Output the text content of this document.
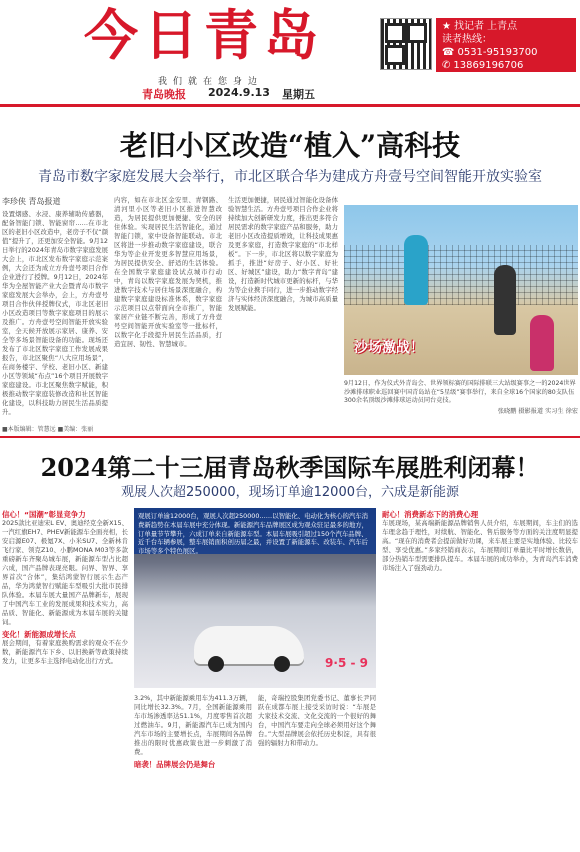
今日青岛
我们就在您身边
青岛晚报 2024.9.13 星期五
★ 找记者 上青点
读者热线：
☎ 0531-95193700
✆ 13869196706
老旧小区改造“植入”高科技
青岛市数字家庭发展大会举行，市北区联合华为建成方舟壹号空间智能开放实验室
李珍侠 青岛报道
设置烟感、水浸、康养辅助传感器，配备智能门锁、智能窗帘……在市北区的老旧小区改造中，老房子不仅“颜值”提升了，还更加安全智能。9月12日举行的2024年青岛市数字家庭发展大会上，市北区发布数字家庭示范案例，大会还为成立方舟壹号项目合作企业进行了授牌。9月12日，2024年华为全屋智能产业大会暨青岛市数字家庭发展大会举办，会上，方舟壹号项目合作伙伴授牌仪式，市北区老旧小区改造项目等数字家庭项目的展示及推广。方舟壹号空间智能开放实验室，全天候开放展示家居、康养、安全等多场景智能设备的功能。现场还发布了市北区数字家庭工作发展成果报告，市北区聚焦“八大应用场景”，在商务楼宇、学校、老旧小区、新建小区等领域“布点”16个项目开展数字家庭建设。市北区聚焦数字赋能，积极推动数字家庭装修改造和社区智能化建设，以科技助力居民生活品质提升。
内容，如在市北区金安里、青钢路、清河里小区等老旧小区推进智慧改造，为居民提供更加便捷、安全的居住体验。实现居民生活智能化，通过智能门锁，家中设备智能联动。市北区将进一步推动数字家庭建设，联合华为等企业开发更多智慧应用场景，为居民提供安全、舒适的生活体验。在全国数字家庭建设试点城市行动中，青岛以数字家庭发展为契机，推进数字技术与居住场景深度融合，构建数字家庭建设标准体系，数字家庭示范项目以点带面向全市推广，智能家居产业链不断完善，形成了方舟壹号空间智能开放实验室等一批标杆，以数字化手段提升居民生活品质，打造宜居、韧性、智慧城市。
生活更加便捷，居民通过智能化设备体验智慧生活。方舟壹号项目合作企业将持续加大创新研发力度，推出更多符合居民需求的数字家庭产品和服务，助力老旧小区改造提质增效，让科技成果惠及更多家庭，打造数字家庭的“市北样板”。下一步，市北区将以数字家庭为抓手，推进“好房子、好小区、好社区、好城区”建设，助力“数字青岛”建设，打造新时代城市更新的标杆，与华为等企业携手同行，进一步推动数字经济与实体经济深度融合，为城市高质量发展赋能。
沙场激战！
9月12日，作为仪式外青岛会、世界领标赛的国际排联三大站级赛事之一的2024世界沙滩排球职业巡回赛中国青岛站在“5星级”赛事举行，来自全球16个国家的80支队伍300余名顶级沙滩排球运动员同台竞技。
张晓鹏 摄影报道 实习生 徐宏
■本版编辑：管慧远 ■美编：张丽
2024第二十三届青岛秋季国际车展胜利闭幕！
观展人次超250000，现场订单逾12000台，六成是新能源
信心！“国潮”彰显竞争力
2025款比亚迪宋L EV、奥迪经克全新X15、一汽红旗EH7、PHEV新能源车全面亮相，长安启源E07、极氪7X、小米SU7、全新林肯飞行家、领克Z10、小鹏MONA M03等多款重磅新车齐聚岛城车展，新能源车型占比超六成，国产品牌表现亮眼。问界、智界、享界首次“合体”，集结鸿蒙智行展示生态产品，华为鸿蒙智行赋能车型吸引大批市民排队体验。本届车展大量国产品牌新车，展现了中国汽车工业的发展成果和技术实力，高品质、智能化、新能源成为本届车展的关键词。
变化！新能源成增长点
展会期间，有着家庭换购需求的观众不在少数，新能源汽车下乡、以旧换新等政策持续发力，让更多车主选择电动化出行方式。
观展订单逾12000台，观展人次超250000……以智能化、电动化为核心的汽车消费新趋势在本届车展中充分体现。新能源汽车品牌展区成为观众驻足最多的地方，订单量节节攀升，六成订单来自新能源车型。本届车展吸引超过150个汽车品牌、近千台车辆参展，整车展销面积创历届之最，并设置了新能源车、改装车、汽车后市场等多个特色展区。
9·5 - 9
3.2%，其中新能源乘用车为411.3万辆，同比增长32.3%。7月，全国新能源乘用车市场渗透率达51.1%，月度零售首次超过燃油车。9月，新能源汽车已成为国内汽车市场的主要增长点，车展期间各品牌推出的限时优惠政策也进一步刺激了消费。
暗袭！品牌展会仍是舞台
能，奇瑞控股集团党委书记、董事长尹同跃在成都车展上接受采访时说：“车展是大家技术交流、文化交流的一个很好的舞台，中国汽车要走向全球必须用好这个舞台。”大型品牌展会依托历史积淀，具有很强的辐射力和带动力。
耐心！消费新态下的消费心理
车展现场，某高端新能源品牌销售人员介绍，车展期间，车主们的选车理念趋于理性，对续航、智能化、售后服务等方面的关注度明显提高。“现在的消费者会提前做好功课，来车展主要是实地体验、比较车型、享受优惠。”多家经销商表示，车展期间订单量比平时增长数倍，部分热销车型需要排队提车。本届车展的成功举办，为青岛汽车消费市场注入了强劲动力。
